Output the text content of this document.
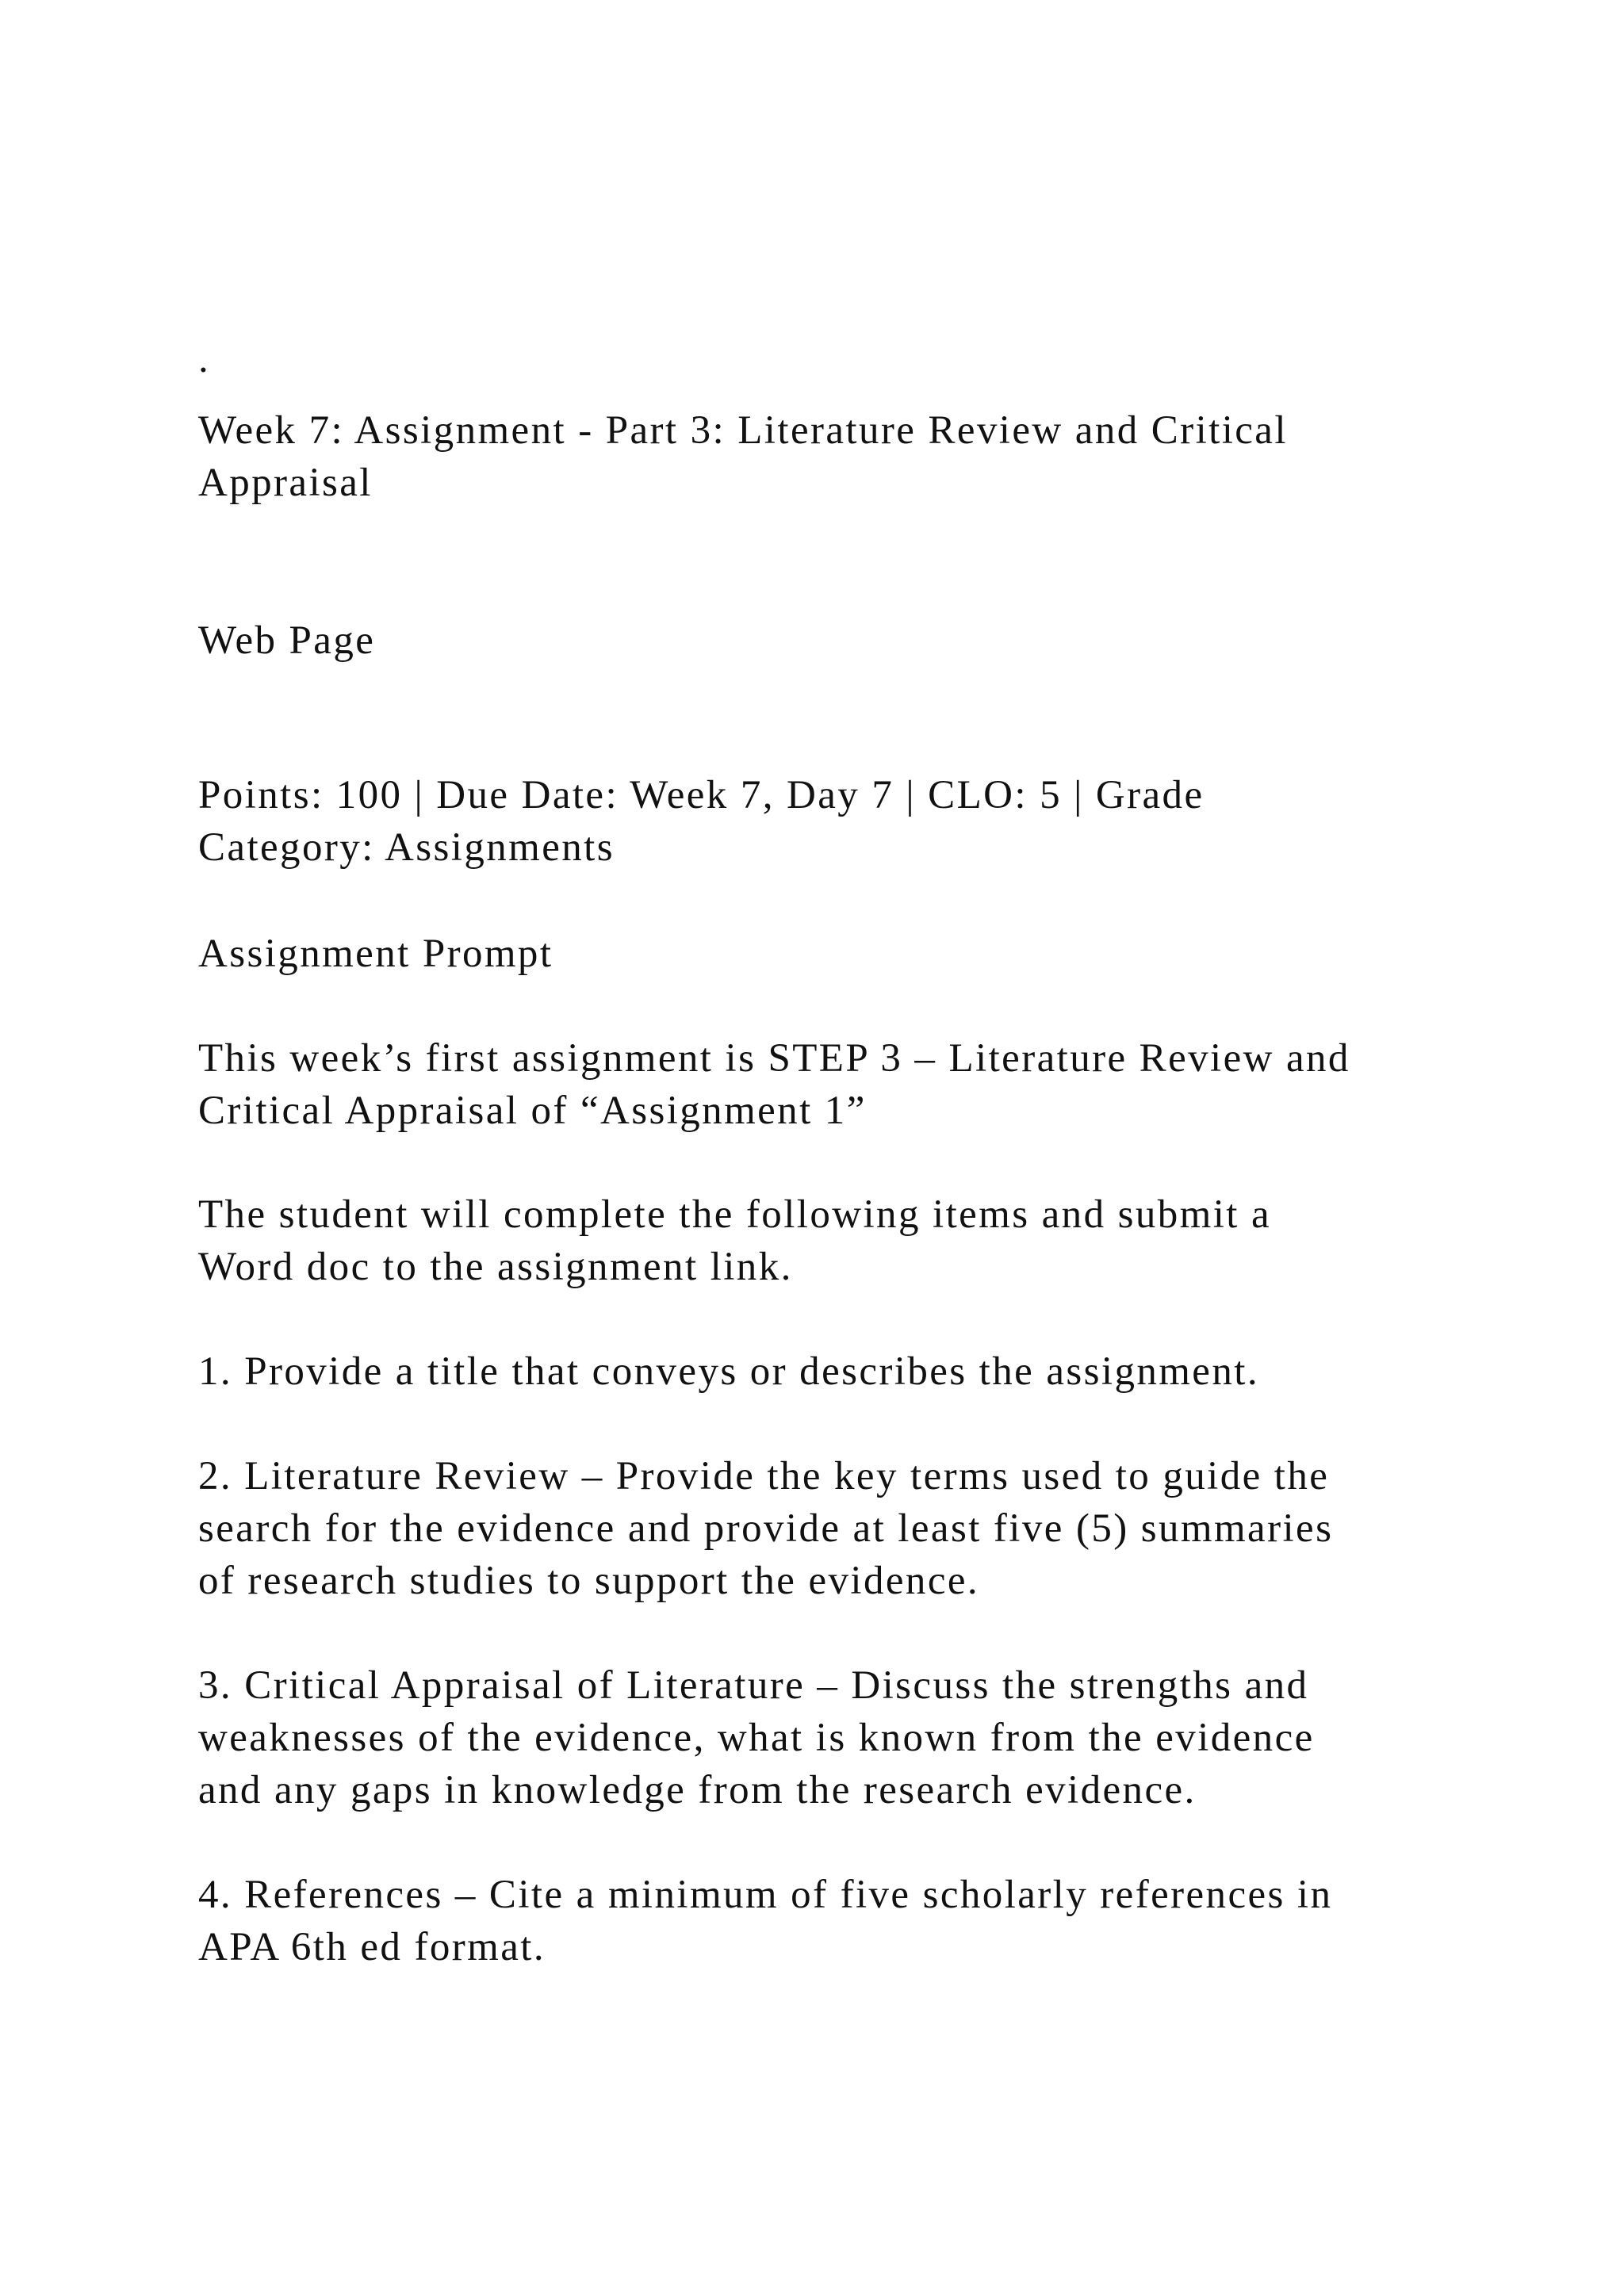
.
Week 7: Assignment - Part 3: Literature Review and Critical
Appraisal
Web Page
Points: 100 | Due Date: Week 7, Day 7 | CLO: 5 | Grade
Category: Assignments
Assignment Prompt
This week’s first assignment is STEP 3 – Literature Review and
Critical Appraisal of “Assignment 1”
The student will complete the following items and submit a
Word doc to the assignment link.
1. Provide a title that conveys or describes the assignment.
2. Literature Review – Provide the key terms used to guide the
search for the evidence and provide at least five (5) summaries
of research studies to support the evidence.
3. Critical Appraisal of Literature – Discuss the strengths and
weaknesses of the evidence, what is known from the evidence
and any gaps in knowledge from the research evidence.
4. References – Cite a minimum of five scholarly references in
APA 6th ed format.
